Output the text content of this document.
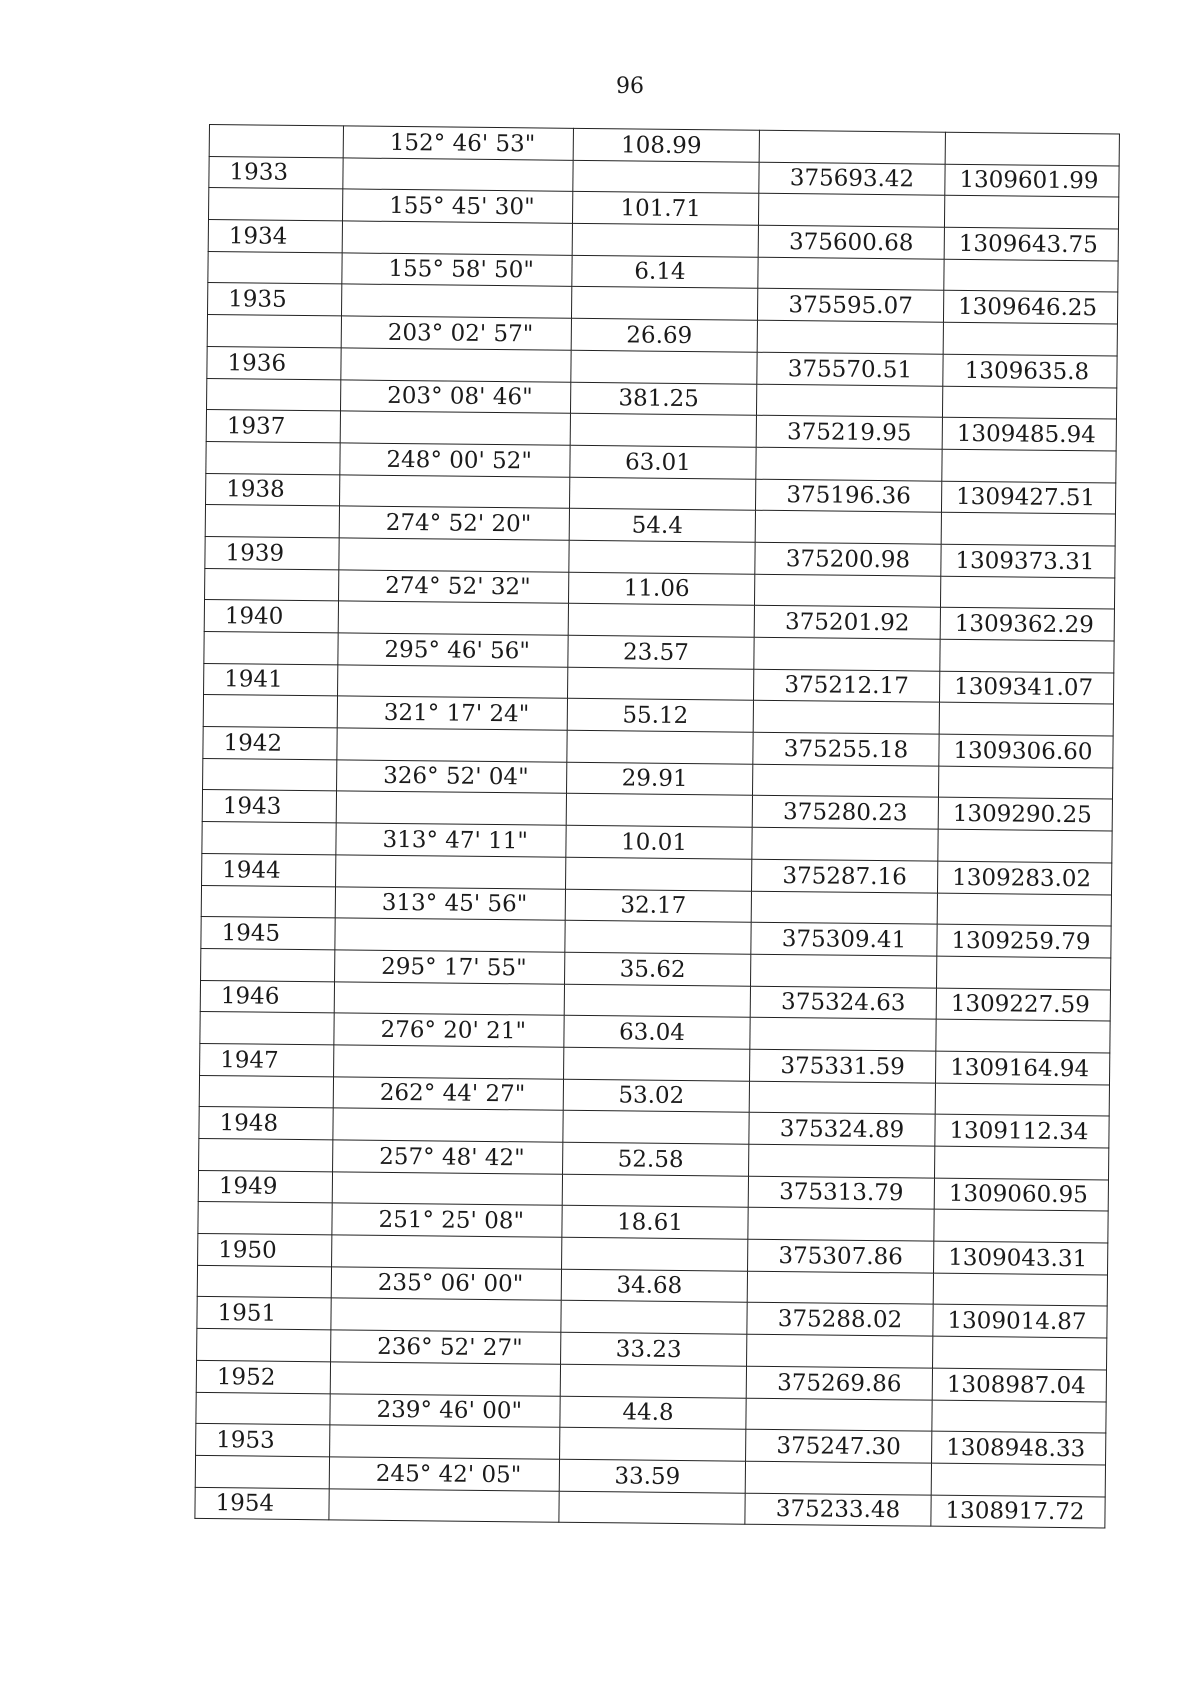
96
	152° 46' 53"	108.99		
1933			375693.42	1309601.99
	155° 45' 30"	101.71		
1934			375600.68	1309643.75
	155° 58' 50"	6.14		
1935			375595.07	1309646.25
	203° 02' 57"	26.69		
1936			375570.51	1309635.8
	203° 08' 46"	381.25		
1937			375219.95	1309485.94
	248° 00' 52"	63.01		
1938			375196.36	1309427.51
	274° 52' 20"	54.4		
1939			375200.98	1309373.31
	274° 52' 32"	11.06		
1940			375201.92	1309362.29
	295° 46' 56"	23.57		
1941			375212.17	1309341.07
	321° 17' 24"	55.12		
1942			375255.18	1309306.60
	326° 52' 04"	29.91		
1943			375280.23	1309290.25
	313° 47' 11"	10.01		
1944			375287.16	1309283.02
	313° 45' 56"	32.17		
1945			375309.41	1309259.79
	295° 17' 55"	35.62		
1946			375324.63	1309227.59
	276° 20' 21"	63.04		
1947			375331.59	1309164.94
	262° 44' 27"	53.02		
1948			375324.89	1309112.34
	257° 48' 42"	52.58		
1949			375313.79	1309060.95
	251° 25' 08"	18.61		
1950			375307.86	1309043.31
	235° 06' 00"	34.68		
1951			375288.02	1309014.87
	236° 52' 27"	33.23		
1952			375269.86	1308987.04
	239° 46' 00"	44.8		
1953			375247.30	1308948.33
	245° 42' 05"	33.59		
1954			375233.48	1308917.72
